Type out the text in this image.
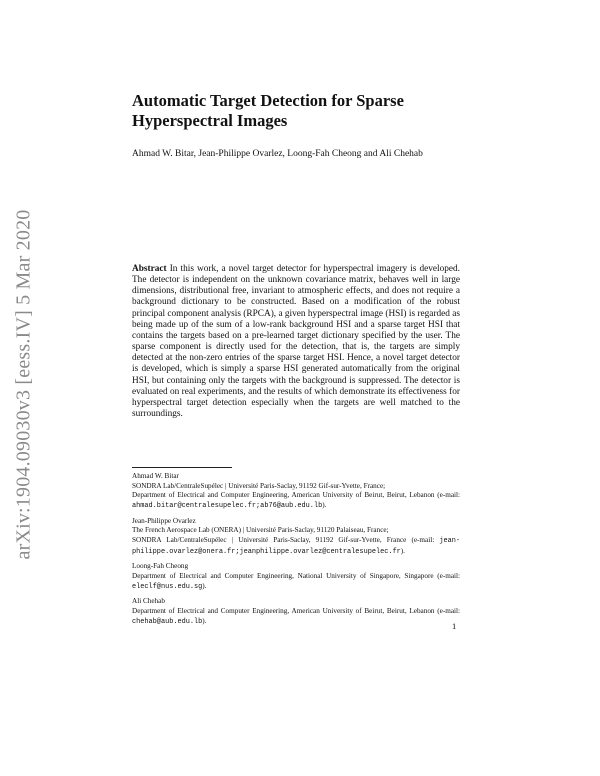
arXiv:1904.09030v3 [eess.IV] 5 Mar 2020
Automatic Target Detection for Sparse Hyperspectral Images

Ahmad W. Bitar, Jean-Philippe Ovarlez, Loong-Fah Cheong and Ali Chehab

Abstract In this work, a novel target detector for hyperspectral imagery is developed. The detector is independent on the unknown covariance matrix, behaves well in large dimensions, distributional free, invariant to atmospheric effects, and does not require a background dictionary to be constructed. Based on a modification of the robust principal component analysis (RPCA), a given hyperspectral image (HSI) is regarded as being made up of the sum of a low-rank background HSI and a sparse target HSI that contains the targets based on a pre-learned target dictionary specified by the user. The sparse component is directly used for the detection, that is, the targets are simply detected at the non-zero entries of the sparse target HSI. Hence, a novel target detector is developed, which is simply a sparse HSI generated automatically from the original HSI, but containing only the targets with the background is suppressed. The detector is evaluated on real experiments, and the results of which demonstrate its effectiveness for hyperspectral target detection especially when the targets are well matched to the surroundings.

Ahmad W. Bitar

SONDRA Lab/CentraleSupélec | Université Paris-Saclay, 91192 Gif-sur-Yvette, France;

Department of Electrical and Computer Engineering, American University of Beirut, Beirut, Lebanon (e-mail: ahmad.bitar@centralesupelec.fr;ab76@aub.edu.lb).

Jean-Philippe Ovarlez

The French Aerospace Lab (ONERA) | Université Paris-Saclay, 91120 Palaiseau, France;

SONDRA Lab/CentraleSupélec | Université Paris-Saclay, 91192 Gif-sur-Yvette, France (e-mail: jean-philippe.ovarlez@onera.fr;jeanphilippe.ovarlez@centralesupelec.fr).

Loong-Fah Cheong

Department of Electrical and Computer Engineering, National University of Singapore, Singapore (e-mail: eleclf@nus.edu.sg).

Ali Chehab

Department of Electrical and Computer Engineering, American University of Beirut, Beirut, Lebanon (e-mail: chehab@aub.edu.lb).

1
